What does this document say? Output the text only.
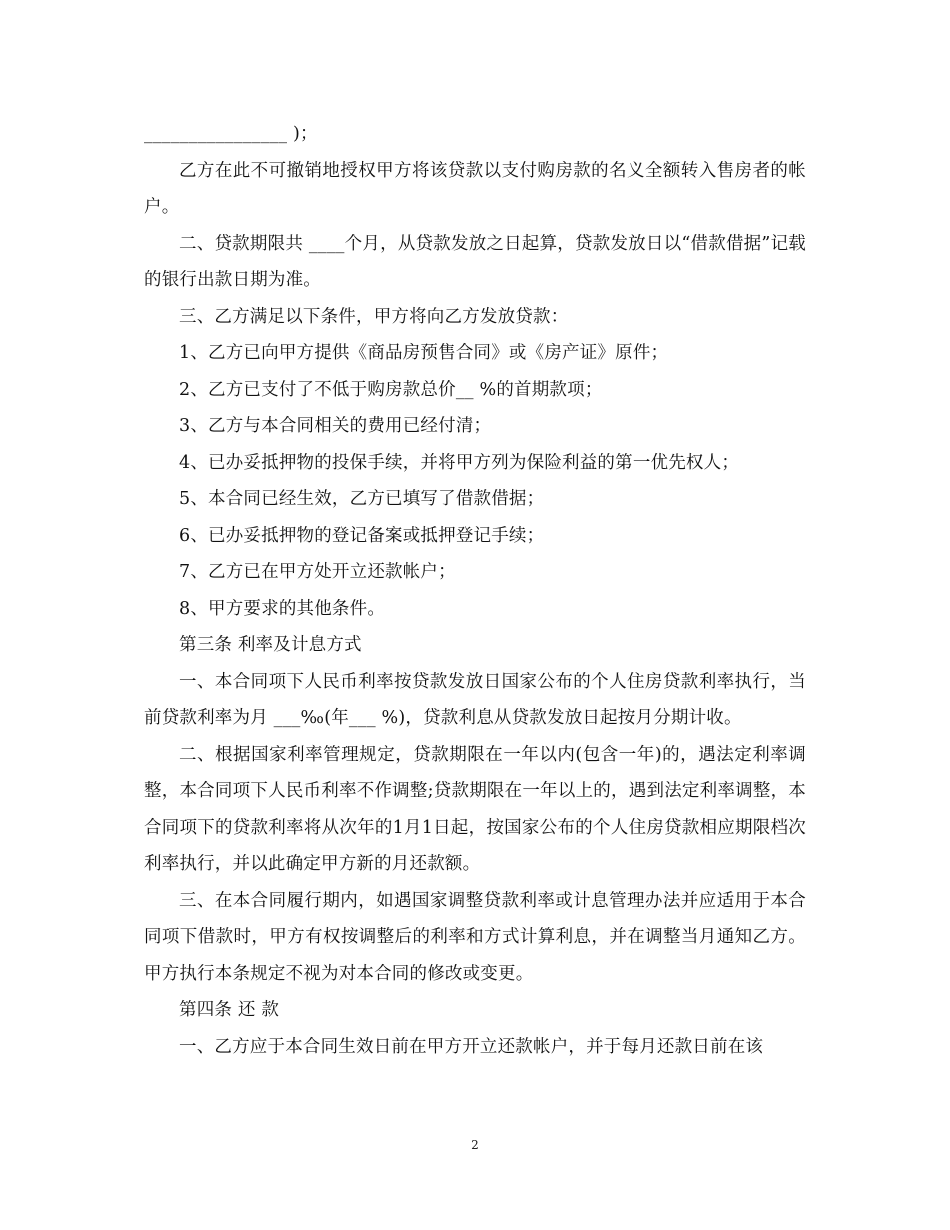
________________ )；

乙方在此不可撤销地授权甲方将该贷款以支付购房款的名义全额转入售房者的帐户。

二、贷款期限共 ____个月，从贷款发放之日起算，贷款发放日以“借款借据”记载的银行出款日期为准。

三、乙方满足以下条件，甲方将向乙方发放贷款：

1、乙方已向甲方提供《商品房预售合同》或《房产证》原件；

2、乙方已支付了不低于购房款总价__ %的首期款项；

3、乙方与本合同相关的费用已经付清；

4、已办妥抵押物的投保手续，并将甲方列为保险利益的第一优先权人；

5、本合同已经生效，乙方已填写了借款借据；

6、已办妥抵押物的登记备案或抵押登记手续；

7、乙方已在甲方处开立还款帐户；

8、甲方要求的其他条件。

第三条 利率及计息方式

一、本合同项下人民币利率按贷款发放日国家公布的个人住房贷款利率执行，当前贷款利率为月 ___‰(年___ %)，贷款利息从贷款发放日起按月分期计收。

二、根据国家利率管理规定，贷款期限在一年以内(包含一年)的，遇法定利率调整，本合同项下人民币利率不作调整;贷款期限在一年以上的，遇到法定利率调整，本合同项下的贷款利率将从次年的1月1日起，按国家公布的个人住房贷款相应期限档次利率执行，并以此确定甲方新的月还款额。

三、在本合同履行期内，如遇国家调整贷款利率或计息管理办法并应适用于本合同项下借款时，甲方有权按调整后的利率和方式计算利息，并在调整当月通知乙方。甲方执行本条规定不视为对本合同的修改或变更。

第四条 还 款

一、乙方应于本合同生效日前在甲方开立还款帐户，并于每月还款日前在该

2
